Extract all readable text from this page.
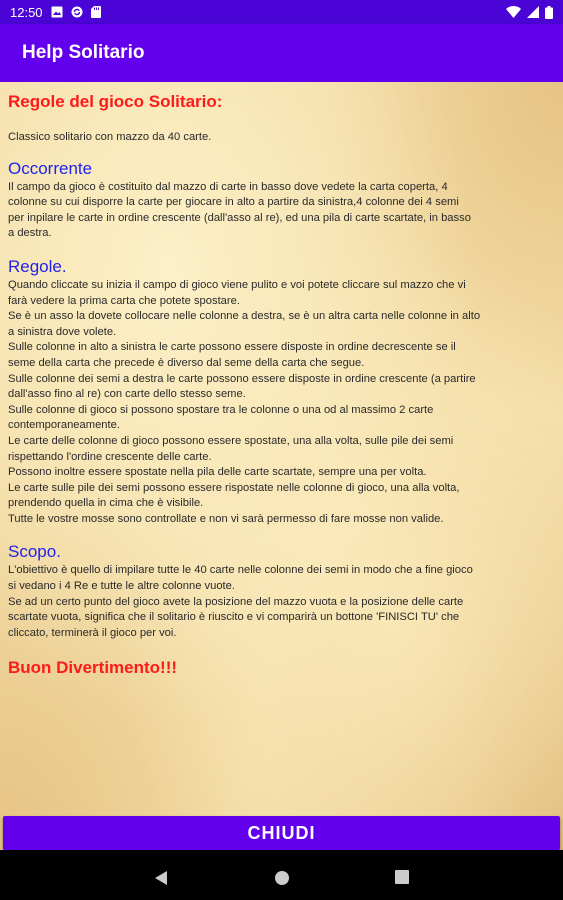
12:50
Help Solitario

Regole del gioco Solitario:

Classico solitario con mazzo da 40 carte.

Occorrente

Il campo da gioco è costituito dal mazzo di carte in basso dove vedete la carta coperta, 4

colonne su cui disporre la carte per giocare in alto a partire da sinistra,4 colonne dei 4 semi

per inpilare le carte in ordine crescente (dall'asso al re), ed una pila di carte scartate, in basso

a destra.

Regole.

Quando cliccate su inizia il campo di gioco viene pulito e voi potete cliccare sul mazzo che vi

farà vedere la prima carta che potete spostare.

Se è un asso la dovete collocare nelle colonne a destra, se è un altra carta nelle colonne in alto

a sinistra dove volete.

Sulle colonne in alto a sinistra le carte possono essere disposte in ordine decrescente se il

seme della carta che precede è diverso dal seme della carta che segue.

Sulle colonne dei semi a destra le carte possono essere disposte in ordine crescente (a partire

dall'asso fino al re) con carte dello stesso seme.

Sulle colonne di gioco si possono spostare tra le colonne o una od al massimo 2 carte

contemporaneamente.

Le carte delle colonne di gioco possono essere spostate, una alla volta, sulle pile dei semi

rispettando l'ordine crescente delle carte.

Possono inoltre essere spostate nella pila delle carte scartate, sempre una per volta.

Le carte sulle pile dei semi possono essere rispostate nelle colonne di gioco, una alla volta,

prendendo quella in cima che è visibile.

Tutte le vostre mosse sono controllate e non vi sarà permesso di fare mosse non valide.

Scopo.

L'obiettivo è quello di impilare tutte le 40 carte nelle colonne dei semi in modo che a fine gioco

si vedano i 4 Re e tutte le altre colonne vuote.

Se ad un certo punto del gioco avete la posizione del mazzo vuota e la posizione delle carte

scartate vuota, significa che il solitario è riuscito e vi comparirà un bottone 'FINISCI TU' che

cliccato, terminerà il gioco per voi.

Buon Divertimento!!!

CHIUDI
